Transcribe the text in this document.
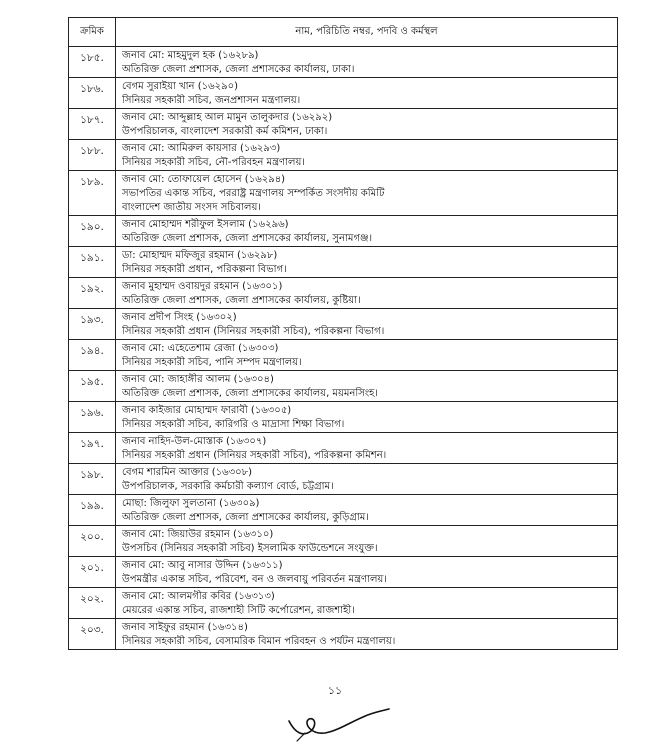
ক্রমিক	নাম, পরিচিতি নম্বর, পদবি ও কর্মস্থল
১৮৫.	জনাব মো: মাহমুদুল হক (১৬২৮৯)
অতিরিক্ত জেলা প্রশাসক, জেলা প্রশাসকের কার্যালয়, ঢাকা।

১৮৬.	বেগম সুরাইয়া খান (১৬২৯০)
সিনিয়র সহকারী সচিব, জনপ্রশাসন মন্ত্রণালয়।

১৮৭.	জনাব মো: আব্দুল্লাহ আল মামুন তালুকদার (১৬২৯২)
উপপরিচালক, বাংলাদেশ সরকারী কর্ম কমিশন, ঢাকা।

১৮৮.	জনাব মো: আমিরুল কায়সার (১৬২৯৩)
সিনিয়র সহকারী সচিব, নৌ-পরিবহন মন্ত্রণালয়।

১৮৯.	জনাব মো: তোফায়েল হোসেন (১৬২৯৪)
সভাপতির একান্ত সচিব, পররাষ্ট্র মন্ত্রণালয় সম্পর্কিত সংসদীয় কমিটি
বাংলাদেশ জাতীয় সংসদ সচিবালয়।

১৯০.	জনাব মোহাম্মদ শরীফুল ইসলাম (১৬২৯৬)
অতিরিক্ত জেলা প্রশাসক, জেলা প্রশাসকের কার্যালয়, সুনামগঞ্জ।

১৯১.	ডা: মোহাম্মদ মফিজুর রহমান (১৬২৯৮)
সিনিয়র সহকারী প্রধান, পরিকল্পনা বিভাগ।

১৯২.	জনাব মুহাম্মদ ওবায়দুর রহমান (১৬৩০১)
অতিরিক্ত জেলা প্রশাসক, জেলা প্রশাসকের কার্যালয়, কুষ্টিয়া।

১৯৩.	জনাব প্রদীপ সিংহ (১৬৩০২)
সিনিয়র সহকারী প্রধান (সিনিয়র সহকারী সচিব), পরিকল্পনা বিভাগ।

১৯৪.	জনাব মো: এহেতেশাম রেজা (১৬৩০৩)
সিনিয়র সহকারী সচিব, পানি সম্পদ মন্ত্রণালয়।

১৯৫.	জনাব মো: জাহাঙ্গীর আলম (১৬৩০৪)
অতিরিক্ত জেলা প্রশাসক, জেলা প্রশাসকের কার্যালয়, ময়মনসিংহ।

১৯৬.	জনাব কাইজার মোহাম্মদ ফারাবী (১৬৩০৫)
সিনিয়র সহকারী সচিব, কারিগরি ও মাদ্রাসা শিক্ষা বিভাগ।

১৯৭.	জনাব নাহিদ-উল-মোস্তাক (১৬৩০৭)
সিনিয়র সহকারী প্রধান (সিনিয়র সহকারী সচিব), পরিকল্পনা কমিশন।

১৯৮.	বেগম শারমিন আক্তার (১৬৩০৮)
উপপরিচালক, সরকারি কর্মচারী কল্যাণ বোর্ড, চট্টগ্রাম।

১৯৯.	মোছা: জিলুফা সুলতানা (১৬৩০৯)
অতিরিক্ত জেলা প্রশাসক, জেলা প্রশাসকের কার্যালয়, কুড়িগ্রাম।

২০০.	জনাব মো: জিয়াউর রহমান (১৬৩১০)
উপসচিব (সিনিয়র সহকারী সচিব) ইসলামিক ফাউন্ডেশনে সংযুক্ত।

২০১.	জনাব মো: আবু নাসার উদ্দিন (১৬৩১১)
উপমন্ত্রীর একান্ত সচিব, পরিবেশ, বন ও জলবায়ু পরিবর্তন মন্ত্রণালয়।

২০২.	জনাব মো: আলমগীর কবির (১৬৩১৩)
মেয়রের একান্ত সচিব, রাজশাহী সিটি কর্পোরেশন, রাজশাহী।

২০৩.	জনাব সাইফুর রহমান (১৬৩১৪)
সিনিয়র সহকারী সচিব, বেসামরিক বিমান পরিবহন ও পর্যটন মন্ত্রণালয়।
১১
